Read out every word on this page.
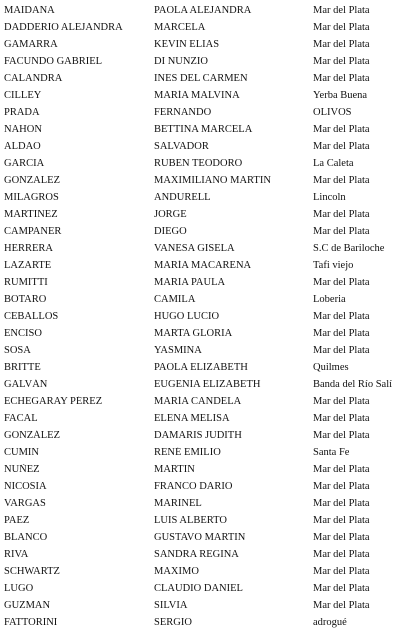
MAIDANA	PAOLA ALEJANDRA	Mar del Plata
DADDERIO ALEJANDRA	MARCELA	Mar del Plata
GAMARRA	KEVIN ELIAS	Mar del Plata
FACUNDO GABRIEL	DI NUNZIO	Mar del Plata
CALANDRA	INES DEL CARMEN	Mar del Plata
CILLEY	MARÍA MALVINA	Yerba Buena
PRADA	FERNANDO	OLIVOS
NAHON	BETTINA MARCELA	Mar del Plata
ALDAO	SALVADOR	Mar del Plata
GARCIA	RUBEN TEODORO	La Caleta
GONZALEZ	MAXIMILIANO MARTIN	Mar del Plata
MILAGROS	ANDURELL	Lincoln
MARTINEZ	JORGE	Mar del Plata
CAMPANER	DIEGO	Mar del Plata
HERRERA	VANESA GISELA	S.C de Bariloche
LAZARTE	MARÍA MACARENA	Tafi viejo
RUMITTI	MARIA PAULA	Mar del Plata
BOTARO	CAMILA	Loberia
CEBALLOS	HUGO LUCIO	Mar del Plata
ENCISO	MARTA GLORIA	Mar del Plata
SOSA	YASMINA	Mar del Plata
BRITTE	PAOLA ELIZABETH	Quilmes
GALVÁN	EUGENIA ELIZABETH	Banda del Río Salí
ECHEGARAY PÉREZ	MARÍA CANDELA	Mar del Plata
FACAL	ELENA MELISA	Mar del Plata
GONZÁLEZ	DAMARIS JUDITH	Mar del Plata
CUMIN	RENÉ EMILIO	Santa Fe
NUÑEZ	MARTIN	Mar del Plata
NICOSIA	FRANCO DARIO	Mar del Plata
VARGAS	MARINEL	Mar del Plata
PAEZ	LUIS ALBERTO	Mar del Plata
BLANCO	GUSTAVO MARTIN	Mar del Plata
RIVA	SANDRA REGINA	Mar del Plata
SCHWARTZ	MAXIMO	Mar del Plata
LUGO	CLAUDIO DANIEL	Mar del Plata
GUZMAN	SILVIA	Mar del Plata
FATTORINI	SERGIO	adrogué
